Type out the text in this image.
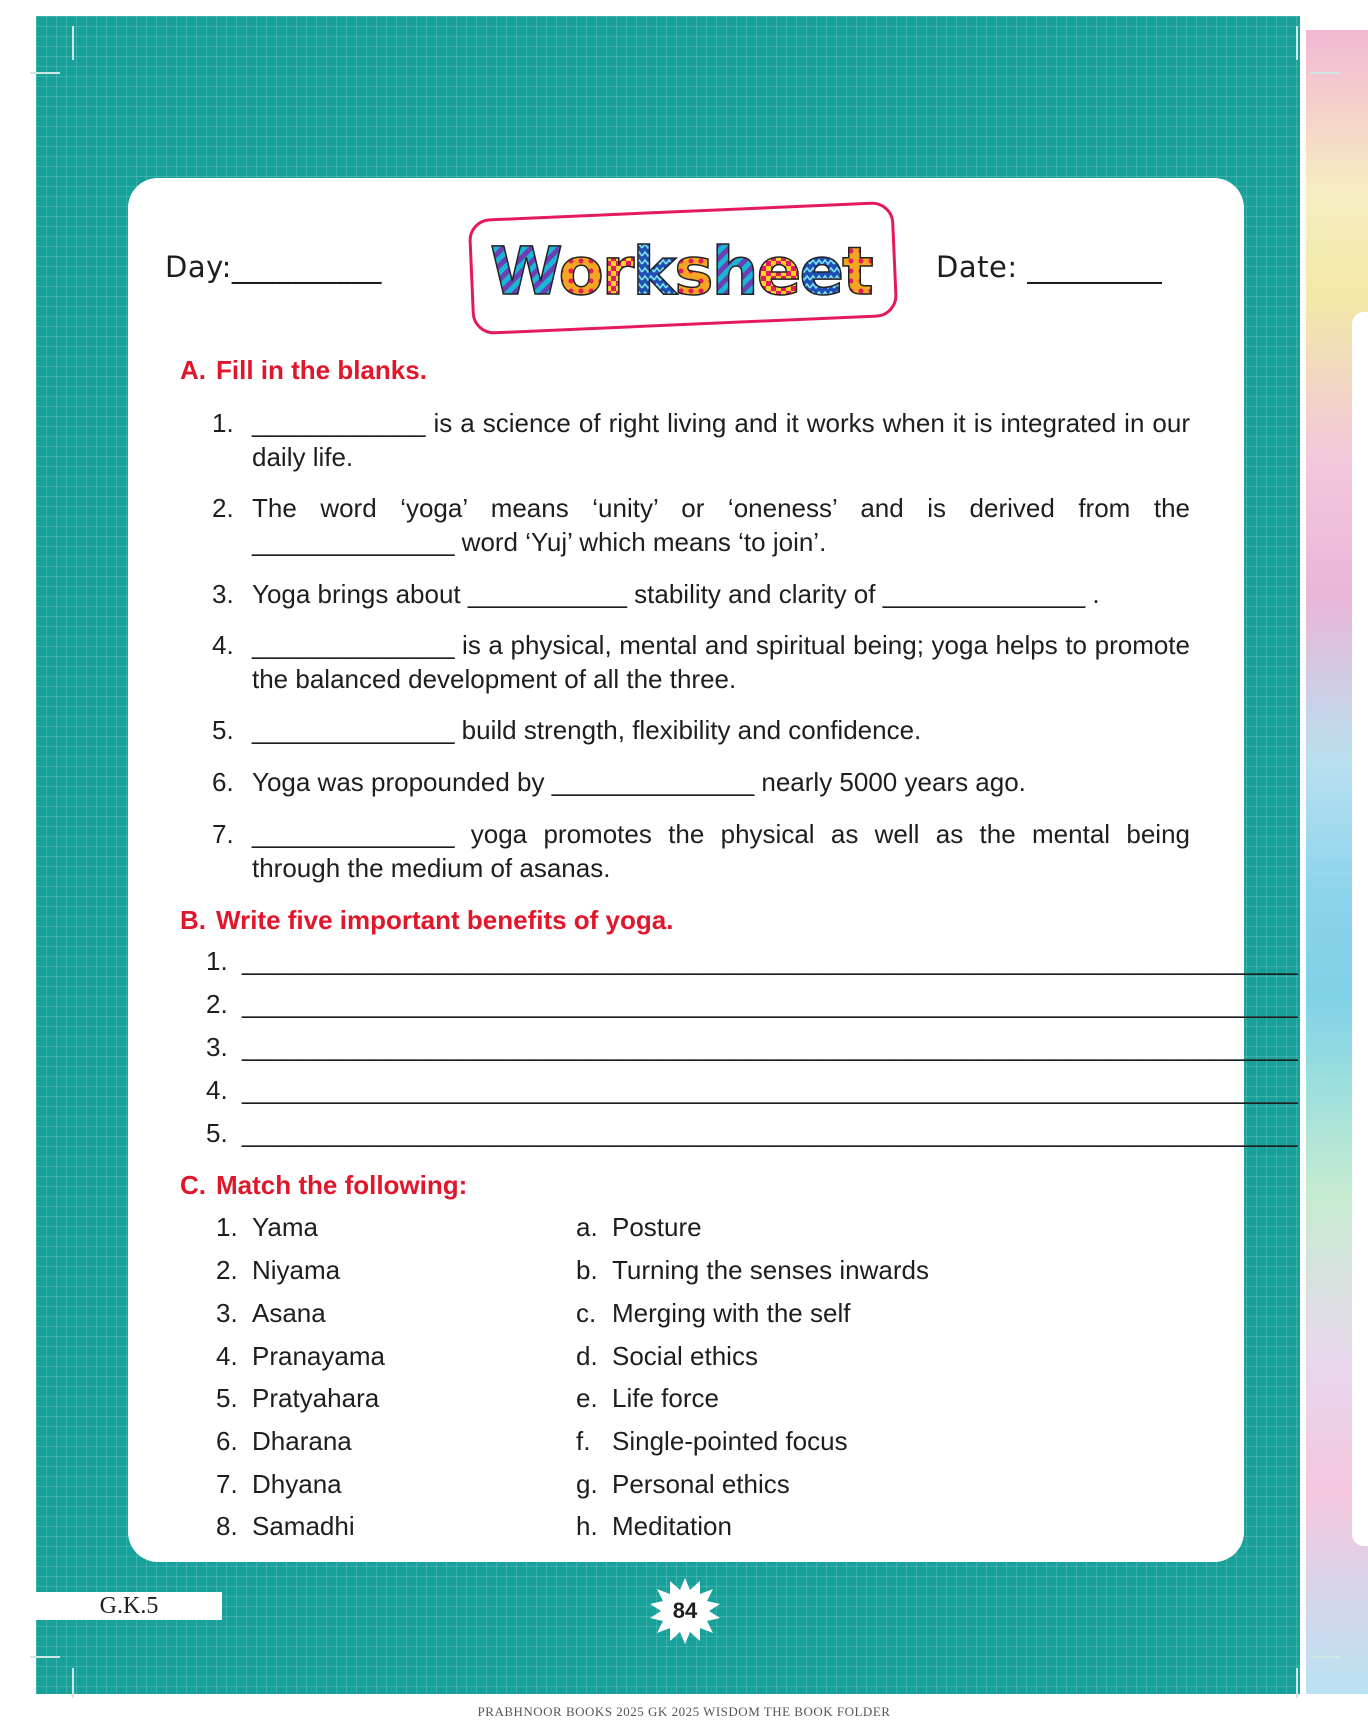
Day:__________	Date: _________
Worksheet
A. Fill in the blanks.
1. ____________ is a science of right living and it works when it is integrated in our daily life.
2. The word ‘yoga’ means ‘unity’ or ‘oneness’ and is derived from the ______________ word ‘Yuj’ which means ‘to join’.
3. Yoga brings about ___________ stability and clarity of ______________ .
4. ______________ is a physical, mental and spiritual being; yoga helps to promote the balanced development of all the three.
5. ______________ build strength, flexibility and confidence.
6. Yoga was propounded by ______________ nearly 5000 years ago.
7. ______________ yoga promotes the physical as well as the mental being through the medium of asanas.
B. Write five important benefits of yoga.
1. _________________________________________________________________________
2. _________________________________________________________________________
3. _________________________________________________________________________
4. _________________________________________________________________________
5. _________________________________________________________________________
C. Match the following:
1. Yama
2. Niyama
3. Asana
4. Pranayama
5. Pratyahara
6. Dharana
7. Dhyana
8. Samadhi
a. Posture
b. Turning the senses inwards
c. Merging with the self
d. Social ethics
e. Life force
f. Single-pointed focus
g. Personal ethics
h. Meditation
G.K.5	84
PRABHNOOR BOOKS 2025 GK 2025 WISDOM THE BOOK FOLDER
